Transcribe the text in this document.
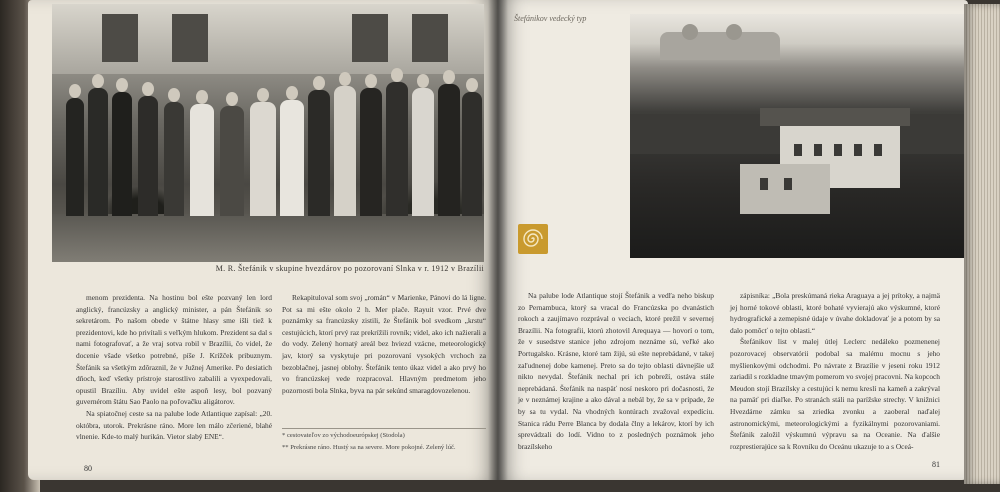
M. R. Štefánik v skupine hvezdárov po pozorovaní Slnka v r. 1912 v Brazílii

menom prezidenta. Na hostinu bol ešte pozvaný len lord anglický, francúzsky a anglický minister, a pán Štefánik so sekretárom. Po našom obede v štátne hlasy sme išli tiež k prezidentovi, kde ho privítali s veľkým hlukom. Prezident sa dal s nami fotografovať, a že vraj sotva robil v Brazílii, čo videl, že docenie všade všetko potrebné, píše J. Krížček pribuznym. Štefánik sa všetkým zdôraznil, že v Južnej Amerike. Po desiatich dňoch, keď všetky prístroje starostlivo zabalili a vyexpedovali, opustil Brazíliu. Aby uvidel ešte aspoň lesy, bol pozvaný guvernérom štátu Sao Paolo na poľovačku aligátorov.

Na spiatočnej ceste sa na palube lode Atlantique zapísal: „20. októbra, utorok. Prekrásne ráno. More len málo zčeriené, blahé vlnenie. Kde-to malý hurikán. Vietor slabý ENE“.

Rekapituloval som svoj „román“ v Marienke, Pánovi do lá ligne. Pot sa mi ešte okolo 2 h. Mer plače. Rayuit vzor. Prvé dve poznámky sa francúzsky zistili, že Štefánik bol svedkom „krstu“ cestujúcich, ktorí prvý raz prekrížili rovník; videl, ako ich nažierali a do vody. Zelený hornatý areál bez hviezd vzácne, meteorologický jav, ktorý sa vyskytuje pri pozorovaní vysokých vrchoch za bezoblačnej, jasnej oblohy. Štefánik tento úkaz videl a ako prvý ho vo francúzskej vede rozpracoval. Hlavným predmetom jeho pozornosti bola Slnka, byva na pár sekúnd smaragdovozelenou.

* cestovateľov zo východoeurópskej (Stodola)
** Prekrásne ráno. Hustý sa na severe. More pokojné. Zelený lúč.
80
Štefánikov vedecký typ

Na palube lode Atlantique stojí Štefánik a vedľa neho biskup zo Pernambuca, ktorý sa vracal do Francúzska po dvanástich rokoch a zaujímavo rozprával o veciach, ktoré prežil v severnej Brazílii. Na fotografii, ktorú zhotovil Arequaya — hovorí o tom, že v susedstve stanice jeho zdrojom neznáme sú, veľké ako Portugalsko. Krásne, ktoré tam žijú, sú ešte neprebádané, v takej zaľudnenej dobe kamenej. Preto sa do tejto oblasti dávnejšie už nikto nevydal. Štefánik nechal pri ich pobreží, ostáva stále neprebádaná. Štefánik na naspäť nosí neskoro pri dočasnosti, že je v neznámej krajine a ako dával a nebál by, že sa v prípade, že by sa tu vydal. Na vhodných kontúrach zvažoval expedíciu. Stanica rádu Perre Blanca by dodala člny a lekárov, ktorí by ich sprevádzali do lodí. Vidno to z posledných poznámok jeho brazílskeho

zápisníka: „Bola preskúmaná rieka Araguaya a jej prítoky, a najmä jej horné tokové oblasti, ktoré bohaté vyvierajú ako výskumné, ktoré hydrografické a zemepisné údaje v úvahe dokladovať je a potom by sa dalo pomôcť o tejto oblasti.“

Štefánikov list v malej útlej Leclerc nedáleko pozmenenej pozorovacej observatórii podobal sa malému mocnu s jeho myšlienkovými odchodmi. Po návrate z Brazílie v jeseni roku 1912 zariadil s rozkladne tmavým pomerom vo svojej pracovni. Na kopcoch Meudon stojí Brazílsky a cestujúci k nemu kreslí na kameň a zakrýval na pamäť pri diaľke. Po stranách stáli na parížske strechy. V knižnici Hvezdárne zámku sa zriedka zvonku a zaoberal naďalej astronomickými, meteorologickými a fyzikálnymi pozorovaniami. Štefánik založil výskumnú výpravu sa na Oceanie. Na ďalšie rozprestierajúce sa k Rovníku do Oceánu ukazuje to a s Oceá-

81
